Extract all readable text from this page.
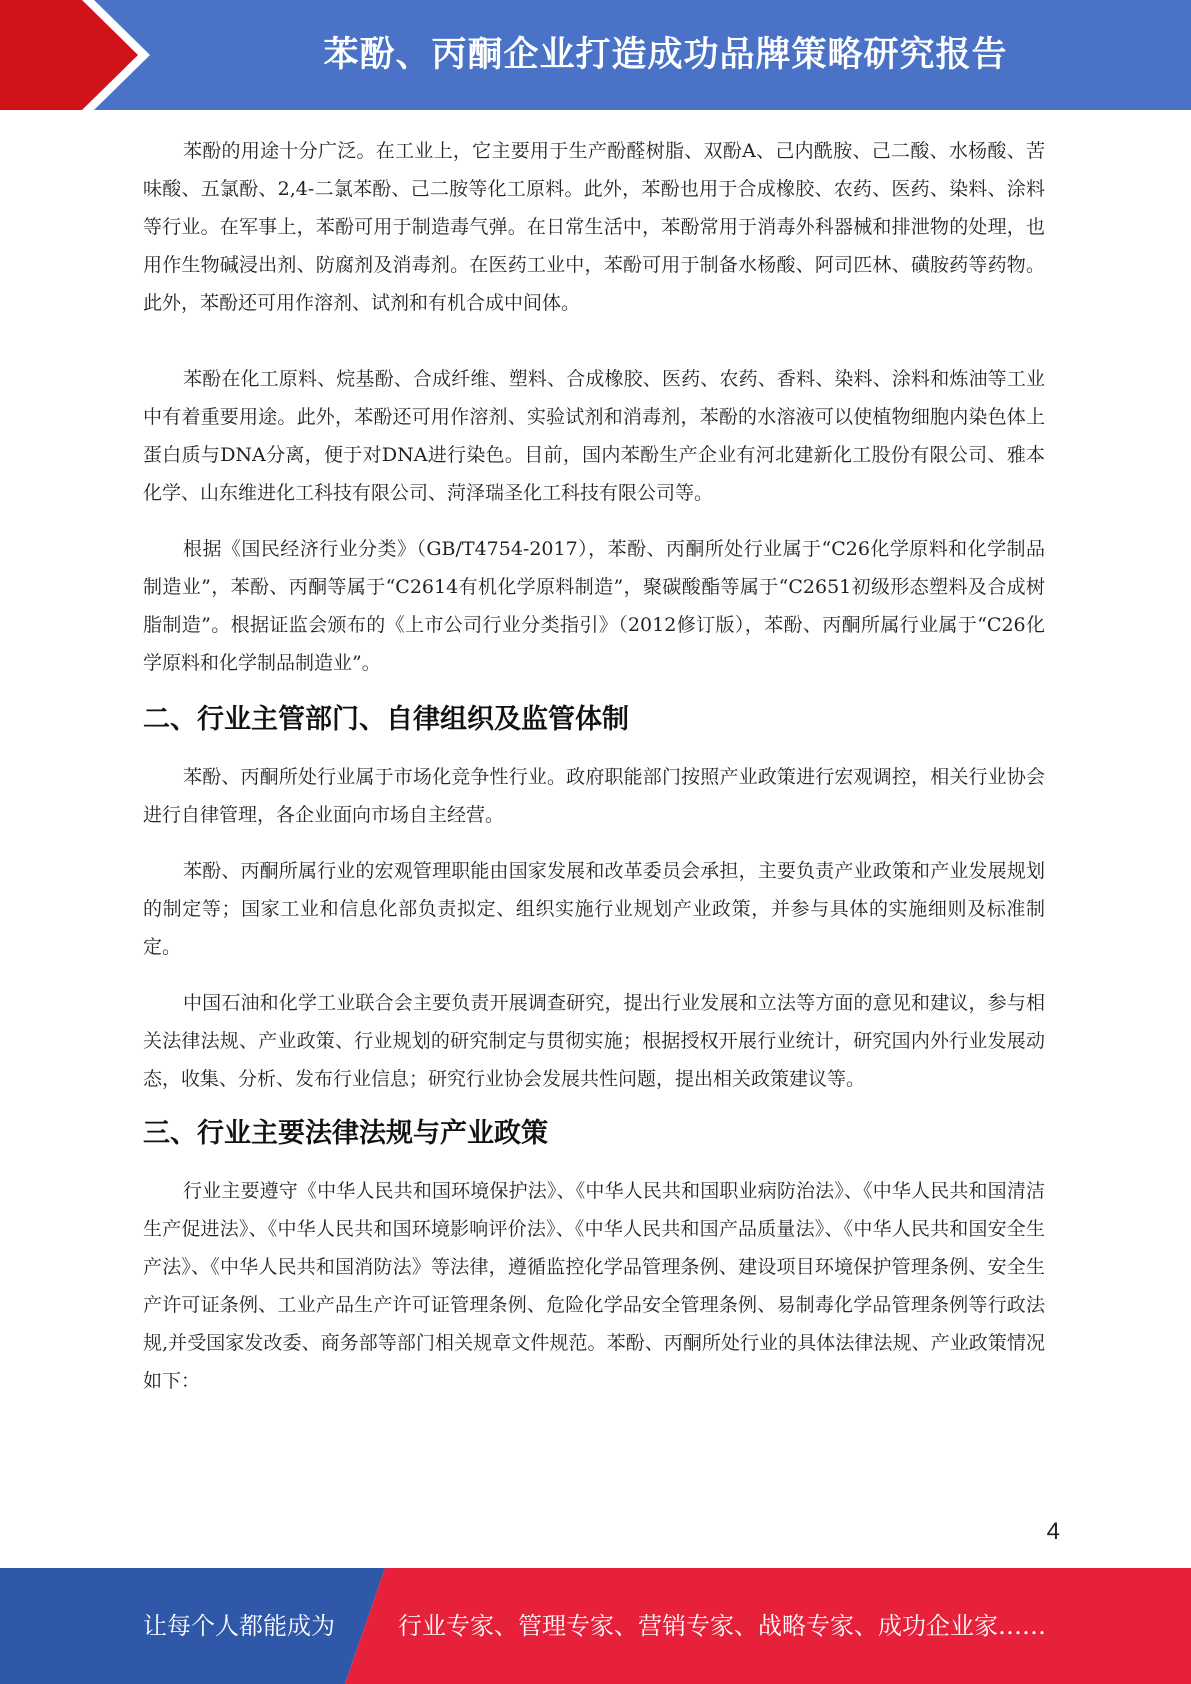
苯酚、丙酮企业打造成功品牌策略研究报告

苯酚的用途十分广泛。在工业上，它主要用于生产酚醛树脂、双酚A、己内酰胺、己二酸、水杨酸、苦味酸、五氯酚、2,4-二氯苯酚、己二胺等化工原料。此外，苯酚也用于合成橡胶、农药、医药、染料、涂料等行业。在军事上，苯酚可用于制造毒气弹。在日常生活中，苯酚常用于消毒外科器械和排泄物的处理，也用作生物碱浸出剂、防腐剂及消毒剂。在医药工业中，苯酚可用于制备水杨酸、阿司匹林、磺胺药等药物。此外，苯酚还可用作溶剂、试剂和有机合成中间体。

苯酚在化工原料、烷基酚、合成纤维、塑料、合成橡胶、医药、农药、香料、染料、涂料和炼油等工业中有着重要用途。此外，苯酚还可用作溶剂、实验试剂和消毒剂，苯酚的水溶液可以使植物细胞内染色体上蛋白质与DNA分离，便于对DNA进行染色。目前，国内苯酚生产企业有河北建新化工股份有限公司、雅本化学、山东维进化工科技有限公司、菏泽瑞圣化工科技有限公司等。

根据《国民经济行业分类》（GB/T4754-2017），苯酚、丙酮所处行业属于“C26化学原料和化学制品制造业”，苯酚、丙酮等属于“C2614有机化学原料制造”，聚碳酸酯等属于“C2651初级形态塑料及合成树脂制造”。根据证监会颁布的《上市公司行业分类指引》（2012修订版），苯酚、丙酮所属行业属于“C26化学原料和化学制品制造业”。

二、行业主管部门、自律组织及监管体制

苯酚、丙酮所处行业属于市场化竞争性行业。政府职能部门按照产业政策进行宏观调控，相关行业协会进行自律管理，各企业面向市场自主经营。

苯酚、丙酮所属行业的宏观管理职能由国家发展和改革委员会承担，主要负责产业政策和产业发展规划的制定等；国家工业和信息化部负责拟定、组织实施行业规划产业政策，并参与具体的实施细则及标准制定。

中国石油和化学工业联合会主要负责开展调查研究，提出行业发展和立法等方面的意见和建议，参与相关法律法规、产业政策、行业规划的研究制定与贯彻实施；根据授权开展行业统计，研究国内外行业发展动态，收集、分析、发布行业信息；研究行业协会发展共性问题，提出相关政策建议等。

三、行业主要法律法规与产业政策

行业主要遵守《中华人民共和国环境保护法》、《中华人民共和国职业病防治法》、《中华人民共和国清洁生产促进法》、《中华人民共和国环境影响评价法》、《中华人民共和国产品质量法》、《中华人民共和国安全生产法》、《中华人民共和国消防法》等法律，遵循监控化学品管理条例、建设项目环境保护管理条例、安全生产许可证条例、工业产品生产许可证管理条例、危险化学品安全管理条例、易制毒化学品管理条例等行政法规,并受国家发改委、商务部等部门相关规章文件规范。苯酚、丙酮所处行业的具体法律法规、产业政策情况如下：

4
让每个人都能成为	行业专家、管理专家、营销专家、战略专家、成功企业家……
